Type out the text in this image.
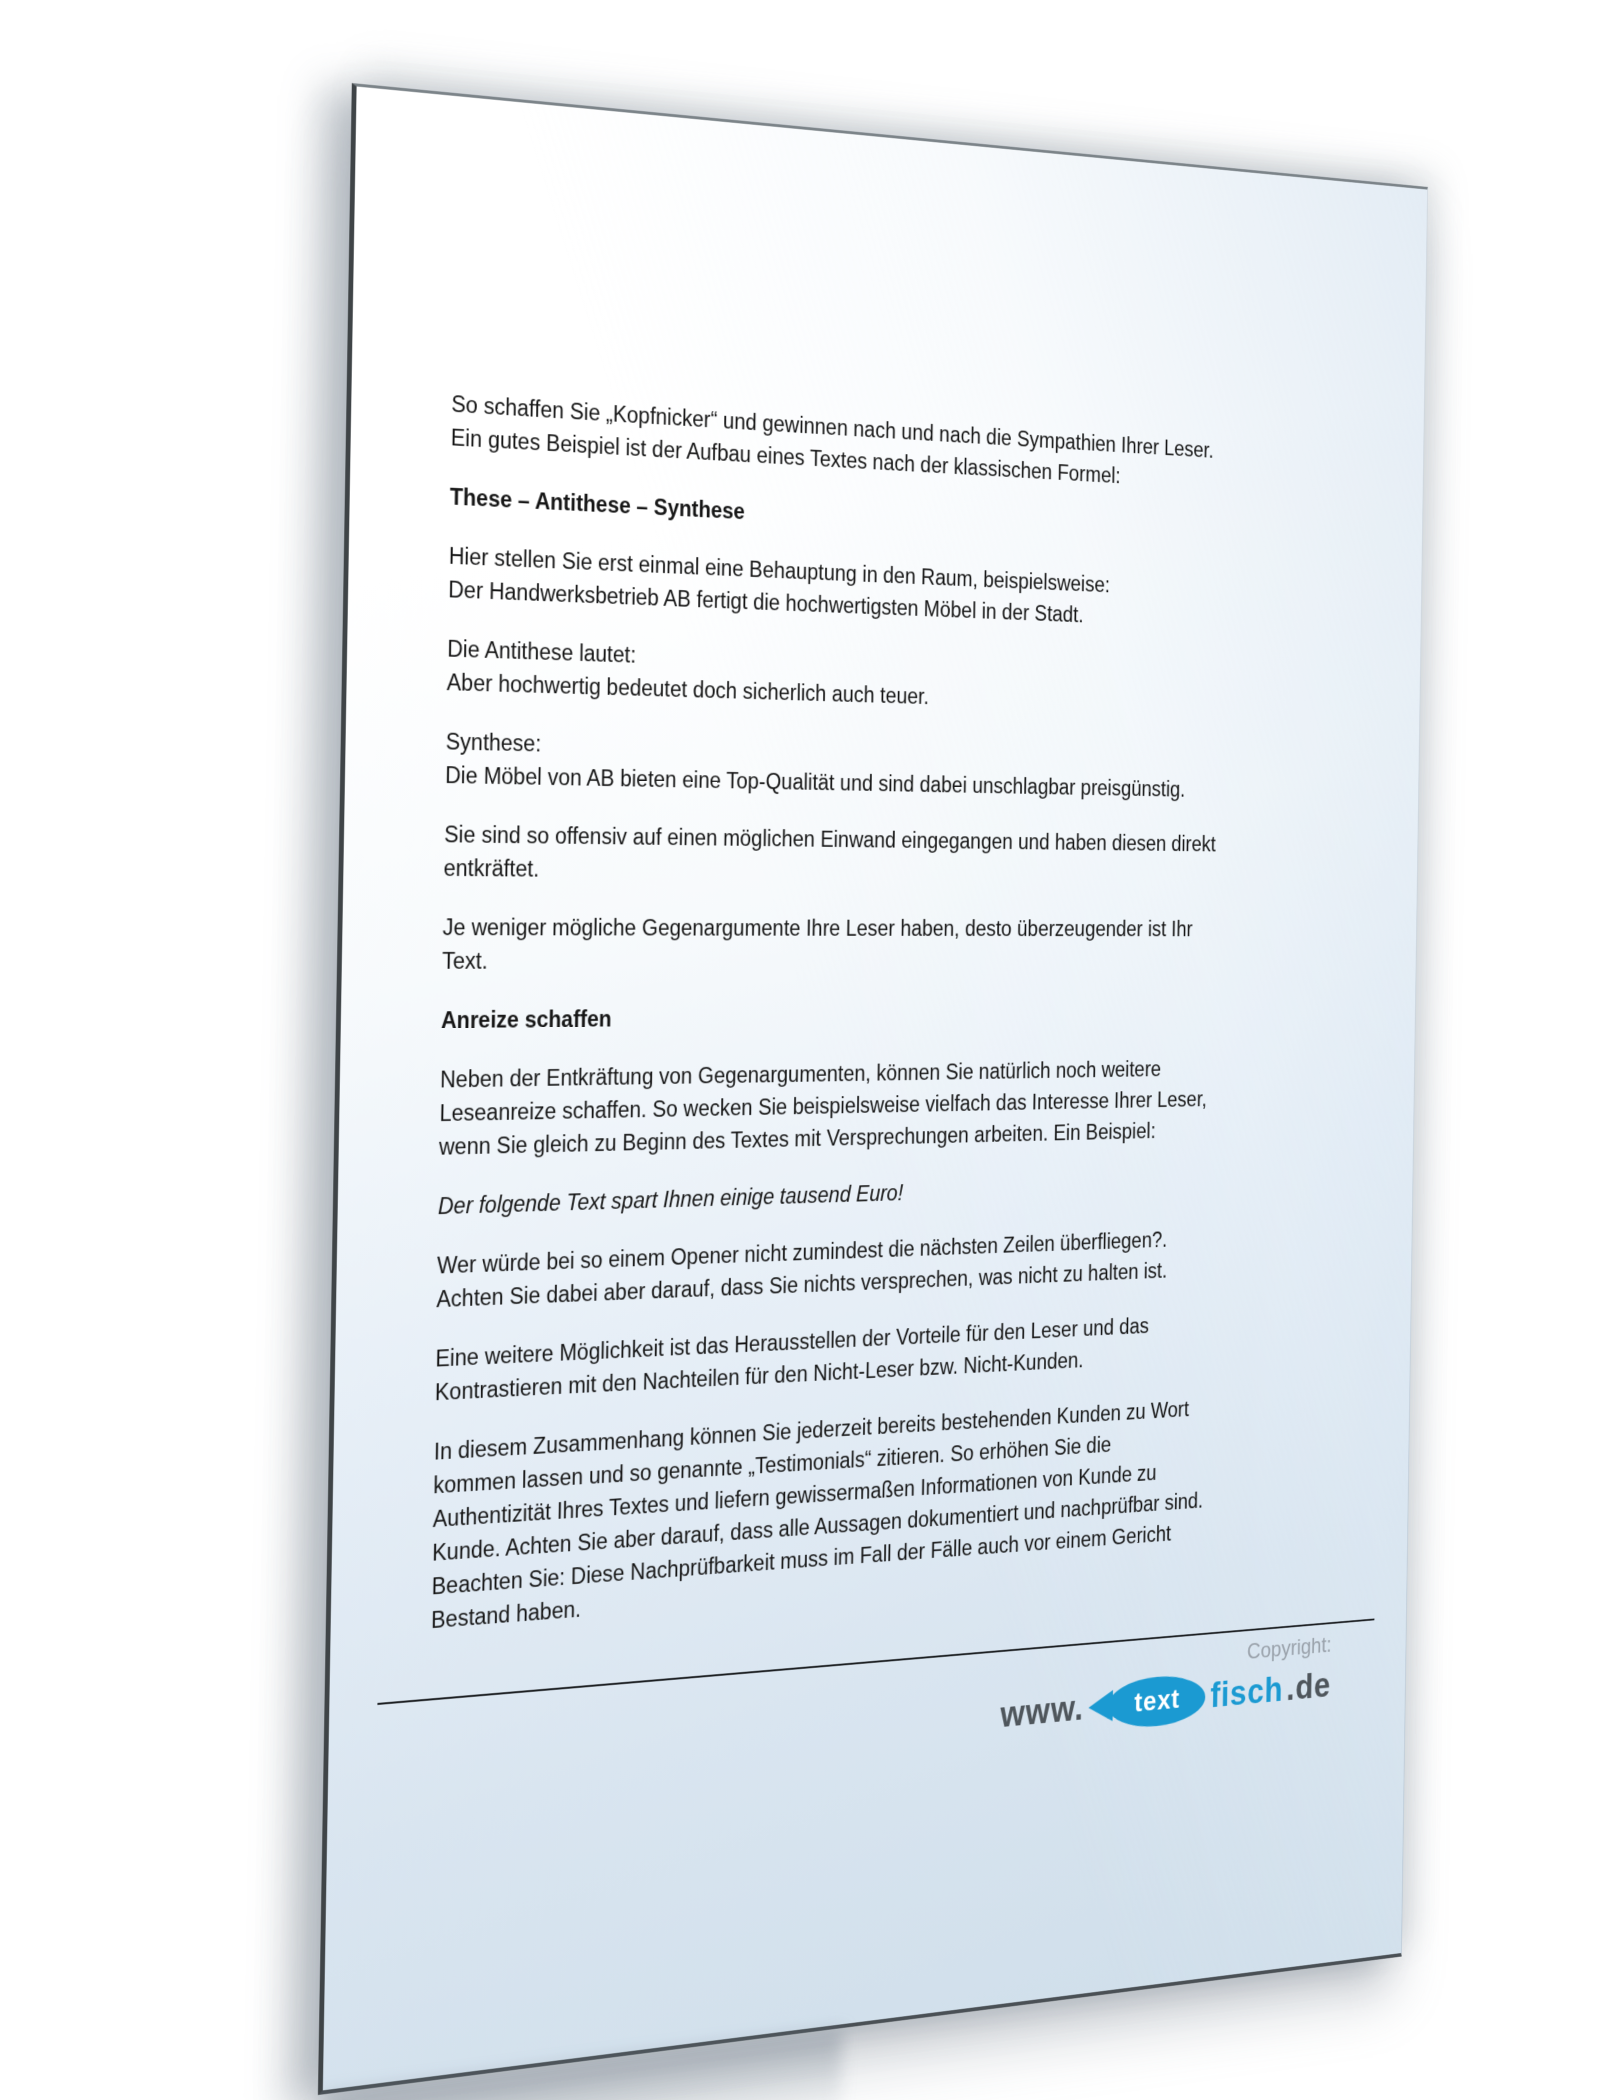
So schaffen Sie „Kopfnicker“ und gewinnen nach und nach die Sympathien Ihrer Leser.
Ein gutes Beispiel ist der Aufbau eines Textes nach der klassischen Formel:

These – Antithese – Synthese

Hier stellen Sie erst einmal eine Behauptung in den Raum, beispielsweise:
Der Handwerksbetrieb AB fertigt die hochwertigsten Möbel in der Stadt.

Die Antithese lautet:
Aber hochwertig bedeutet doch sicherlich auch teuer.

Synthese:
Die Möbel von AB bieten eine Top-Qualität und sind dabei unschlagbar preisgünstig.

Sie sind so offensiv auf einen möglichen Einwand eingegangen und haben diesen direkt
entkräftet.

Je weniger mögliche Gegenargumente Ihre Leser haben, desto überzeugender ist Ihr
Text.

Anreize schaffen

Neben der Entkräftung von Gegenargumenten, können Sie natürlich noch weitere
Leseanreize schaffen. So wecken Sie beispielsweise vielfach das Interesse Ihrer Leser,
wenn Sie gleich zu Beginn des Textes mit Versprechungen arbeiten. Ein Beispiel:

Der folgende Text spart Ihnen einige tausend Euro!

Wer würde bei so einem Opener nicht zumindest die nächsten Zeilen überfliegen?.
Achten Sie dabei aber darauf, dass Sie nichts versprechen, was nicht zu halten ist.

Eine weitere Möglichkeit ist das Herausstellen der Vorteile für den Leser und das
Kontrastieren mit den Nachteilen für den Nicht-Leser bzw. Nicht-Kunden.

In diesem Zusammenhang können Sie jederzeit bereits bestehenden Kunden zu Wort
kommen lassen und so genannte „Testimonials“ zitieren. So erhöhen Sie die
Authentizität Ihres Textes und liefern gewissermaßen Informationen von Kunde zu
Kunde. Achten Sie aber darauf, dass alle Aussagen dokumentiert und nachprüfbar sind.
Beachten Sie: Diese Nachprüfbarkeit muss im Fall der Fälle auch vor einem Gericht
Bestand haben.

Copyright:
www. text fisch .de
